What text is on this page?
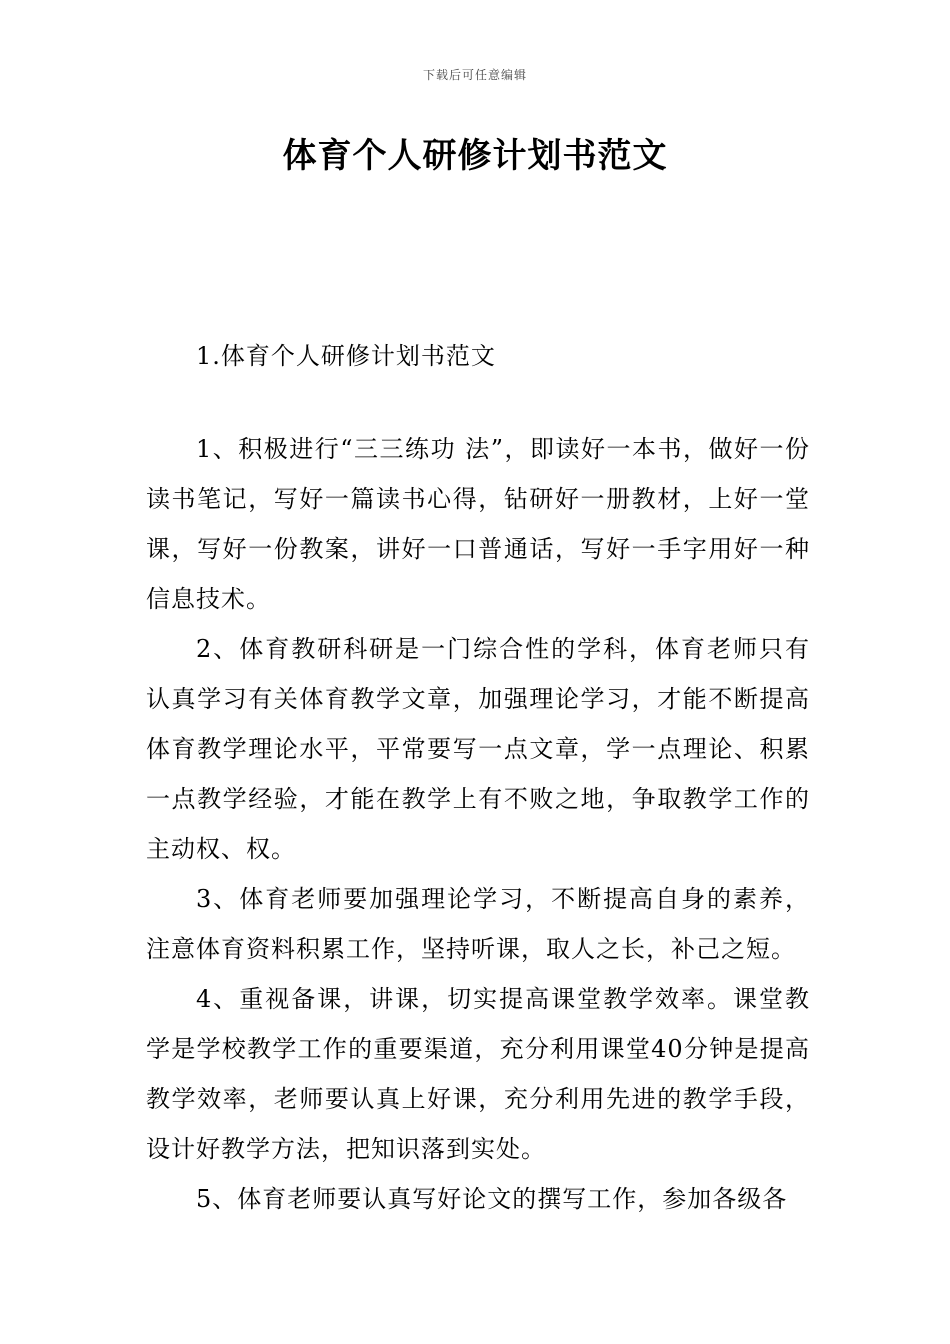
下载后可任意编辑
体育个人研修计划书范文
1.体育个人研修计划书范文

1、积极进行“三三练功 法”，即读好一本书，做好一份读书笔记，写好一篇读书心得，钻研好一册教材，上好一堂课，写好一份教案，讲好一口普通话，写好一手字用好一种信息技术。

2、体育教研科研是一门综合性的学科，体育老师只有认真学习有关体育教学文章，加强理论学习，才能不断提高体育教学理论水平，平常要写一点文章，学一点理论、积累一点教学经验，才能在教学上有不败之地，争取教学工作的主动权、权。

3、体育老师要加强理论学习，不断提高自身的素养，注意体育资料积累工作，坚持听课，取人之长，补己之短。

4、重视备课，讲课，切实提高课堂教学效率。课堂教学是学校教学工作的重要渠道，充分利用课堂40分钟是提高教学效率，老师要认真上好课，充分利用先进的教学手段，设计好教学方法，把知识落到实处。

5、体育老师要认真写好论文的撰写工作，参加各级各
